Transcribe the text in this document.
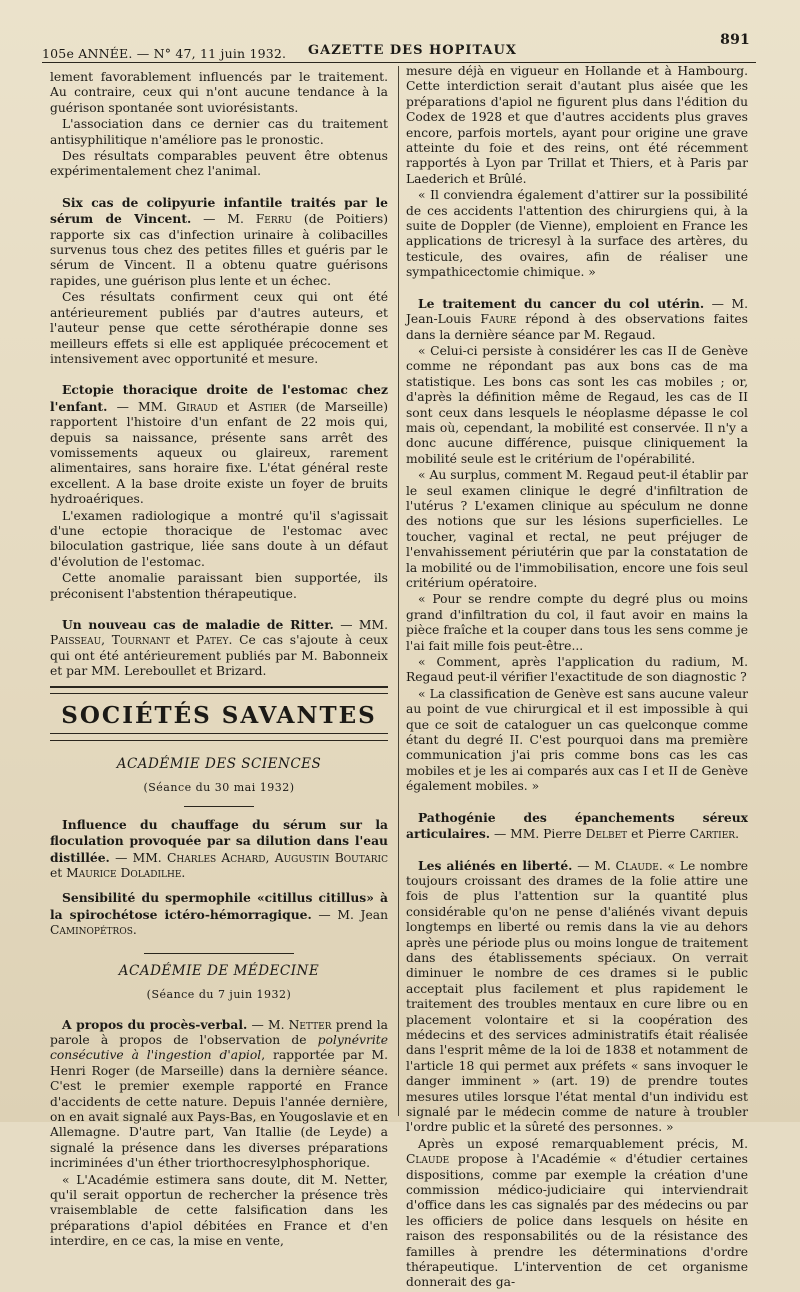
105e ANNÉE. — N° 47, 11 juin 1932. GAZETTE DES HOPITAUX
891

lement favorablement influencés par le traitement. Au contraire, ceux qui n'ont aucune tendance à la guérison spontanée sont uviorésistants.

L'association dans ce dernier cas du traitement antisyphilitique n'améliore pas le pronostic.

Des résultats comparables peuvent être obtenus expérimentalement chez l'animal.

Six cas de colipyurie infantile traités par le sérum de Vincent. — M. Ferru (de Poitiers) rapporte six cas d'infection urinaire à colibacilles survenus tous chez des petites filles et guéris par le sérum de Vincent. Il a obtenu quatre guérisons rapides, une guérison plus lente et un échec.

Ces résultats confirment ceux qui ont été antérieurement publiés par d'autres auteurs, et l'auteur pense que cette sérothérapie donne ses meilleurs effets si elle est appliquée précocement et intensivement avec opportunité et mesure.

Ectopie thoracique droite de l'estomac chez l'enfant. — MM. Giraud et Astier (de Marseille) rapportent l'histoire d'un enfant de 22 mois qui, depuis sa naissance, présente sans arrêt des vomissements aqueux ou glaireux, rarement alimentaires, sans horaire fixe. L'état général reste excellent. A la base droite existe un foyer de bruits hydroaériques.

L'examen radiologique a montré qu'il s'agissait d'une ectopie thoracique de l'estomac avec biloculation gastrique, liée sans doute à un défaut d'évolution de l'estomac.

Cette anomalie paraissant bien supportée, ils préconisent l'abstention thérapeutique.

Un nouveau cas de maladie de Ritter. — MM. Paisseau, Tournant et Patey. Ce cas s'ajoute à ceux qui ont été antérieurement publiés par M. Babonneix et par MM. Lereboullet et Brizard.

SOCIÉTÉS SAVANTES
ACADÉMIE DES SCIENCES
(Séance du 30 mai 1932)

Influence du chauffage du sérum sur la floculation provoquée par sa dilution dans l'eau distillée. — MM. Charles Achard, Augustin Boutaric et Maurice Doladilhe.

Sensibilité du spermophile «citillus citillus» à la spirochétose ictéro-hémorragique. — M. Jean Caminopétros.

ACADÉMIE DE MÉDECINE
(Séance du 7 juin 1932)

A propos du procès-verbal. — M. Netter prend la parole à propos de l'observation de polynévrite consécutive à l'ingestion d'apiol, rapportée par M. Henri Roger (de Marseille) dans la dernière séance. C'est le premier exemple rapporté en France d'accidents de cette nature. Depuis l'année dernière, on en avait signalé aux Pays-Bas, en Yougoslavie et en Allemagne. D'autre part, Van Itallie (de Leyde) a signalé la présence dans les diverses préparations incriminées d'un éther triorthocresylphosphorique.

« L'Académie estimera sans doute, dit M. Netter, qu'il serait opportun de rechercher la présence très vraisemblable de cette falsification dans les préparations d'apiol débitées en France et d'en interdire, en ce cas, la mise en vente,

mesure déjà en vigueur en Hollande et à Hambourg. Cette interdiction serait d'autant plus aisée que les préparations d'apiol ne figurent plus dans l'édition du Codex de 1928 et que d'autres accidents plus graves encore, parfois mortels, ayant pour origine une grave atteinte du foie et des reins, ont été récemment rapportés à Lyon par Trillat et Thiers, et à Paris par Laederich et Brûlé.

« Il conviendra également d'attirer sur la possibilité de ces accidents l'attention des chirurgiens qui, à la suite de Doppler (de Vienne), emploient en France les applications de tricresyl à la surface des artères, du testicule, des ovaires, afin de réaliser une sympathicectomie chimique. »

Le traitement du cancer du col utérin. — M. Jean-Louis Faure répond à des observations faites dans la dernière séance par M. Regaud.

« Celui-ci persiste à considérer les cas II de Genève comme ne répondant pas aux bons cas de ma statistique. Les bons cas sont les cas mobiles ; or, d'après la définition même de Regaud, les cas de II sont ceux dans lesquels le néoplasme dépasse le col mais où, cependant, la mobilité est conservée. Il n'y a donc aucune différence, puisque cliniquement la mobilité seule est le critérium de l'opérabilité.

« Au surplus, comment M. Regaud peut-il établir par le seul examen clinique le degré d'infiltration de l'utérus ? L'examen clinique au spéculum ne donne des notions que sur les lésions superficielles. Le toucher, vaginal et rectal, ne peut préjuger de l'envahissement périutérin que par la constatation de la mobilité ou de l'immobilisation, encore une fois seul critérium opératoire.

« Pour se rendre compte du degré plus ou moins grand d'infiltration du col, il faut avoir en mains la pièce fraîche et la couper dans tous les sens comme je l'ai fait mille fois peut-être...

« Comment, après l'application du radium, M. Regaud peut-il vérifier l'exactitude de son diagnostic ?

« La classification de Genève est sans aucune valeur au point de vue chirurgical et il est impossible à qui que ce soit de cataloguer un cas quelconque comme étant du degré II. C'est pourquoi dans ma première communication j'ai pris comme bons cas les cas mobiles et je les ai comparés aux cas I et II de Genève également mobiles. »

Pathogénie des épanchements séreux articulaires. — MM. Pierre Delbet et Pierre Cartier.

Les aliénés en liberté. — M. Claude. « Le nombre toujours croissant des drames de la folie attire une fois de plus l'attention sur la quantité plus considérable qu'on ne pense d'aliénés vivant depuis longtemps en liberté ou remis dans la vie au dehors après une période plus ou moins longue de traitement dans des établissements spéciaux. On verrait diminuer le nombre de ces drames si le public acceptait plus facilement et plus rapidement le traitement des troubles mentaux en cure libre ou en placement volontaire et si la coopération des médecins et des services administratifs était réalisée dans l'esprit même de la loi de 1838 et notamment de l'article 18 qui permet aux préfets « sans invoquer le danger imminent » (art. 19) de prendre toutes mesures utiles lorsque l'état mental d'un individu est signalé par le médecin comme de nature à troubler l'ordre public et la sûreté des personnes. »

Après un exposé remarquablement précis, M. Claude propose à l'Académie « d'étudier certaines dispositions, comme par exemple la création d'une commission médico-judiciaire qui interviendrait d'office dans les cas signalés par des médecins ou par les officiers de police dans lesquels on hésite en raison des responsabilités ou de la résistance des familles à prendre les déterminations d'ordre thérapeutique. L'intervention de cet organisme donnerait des ga-
